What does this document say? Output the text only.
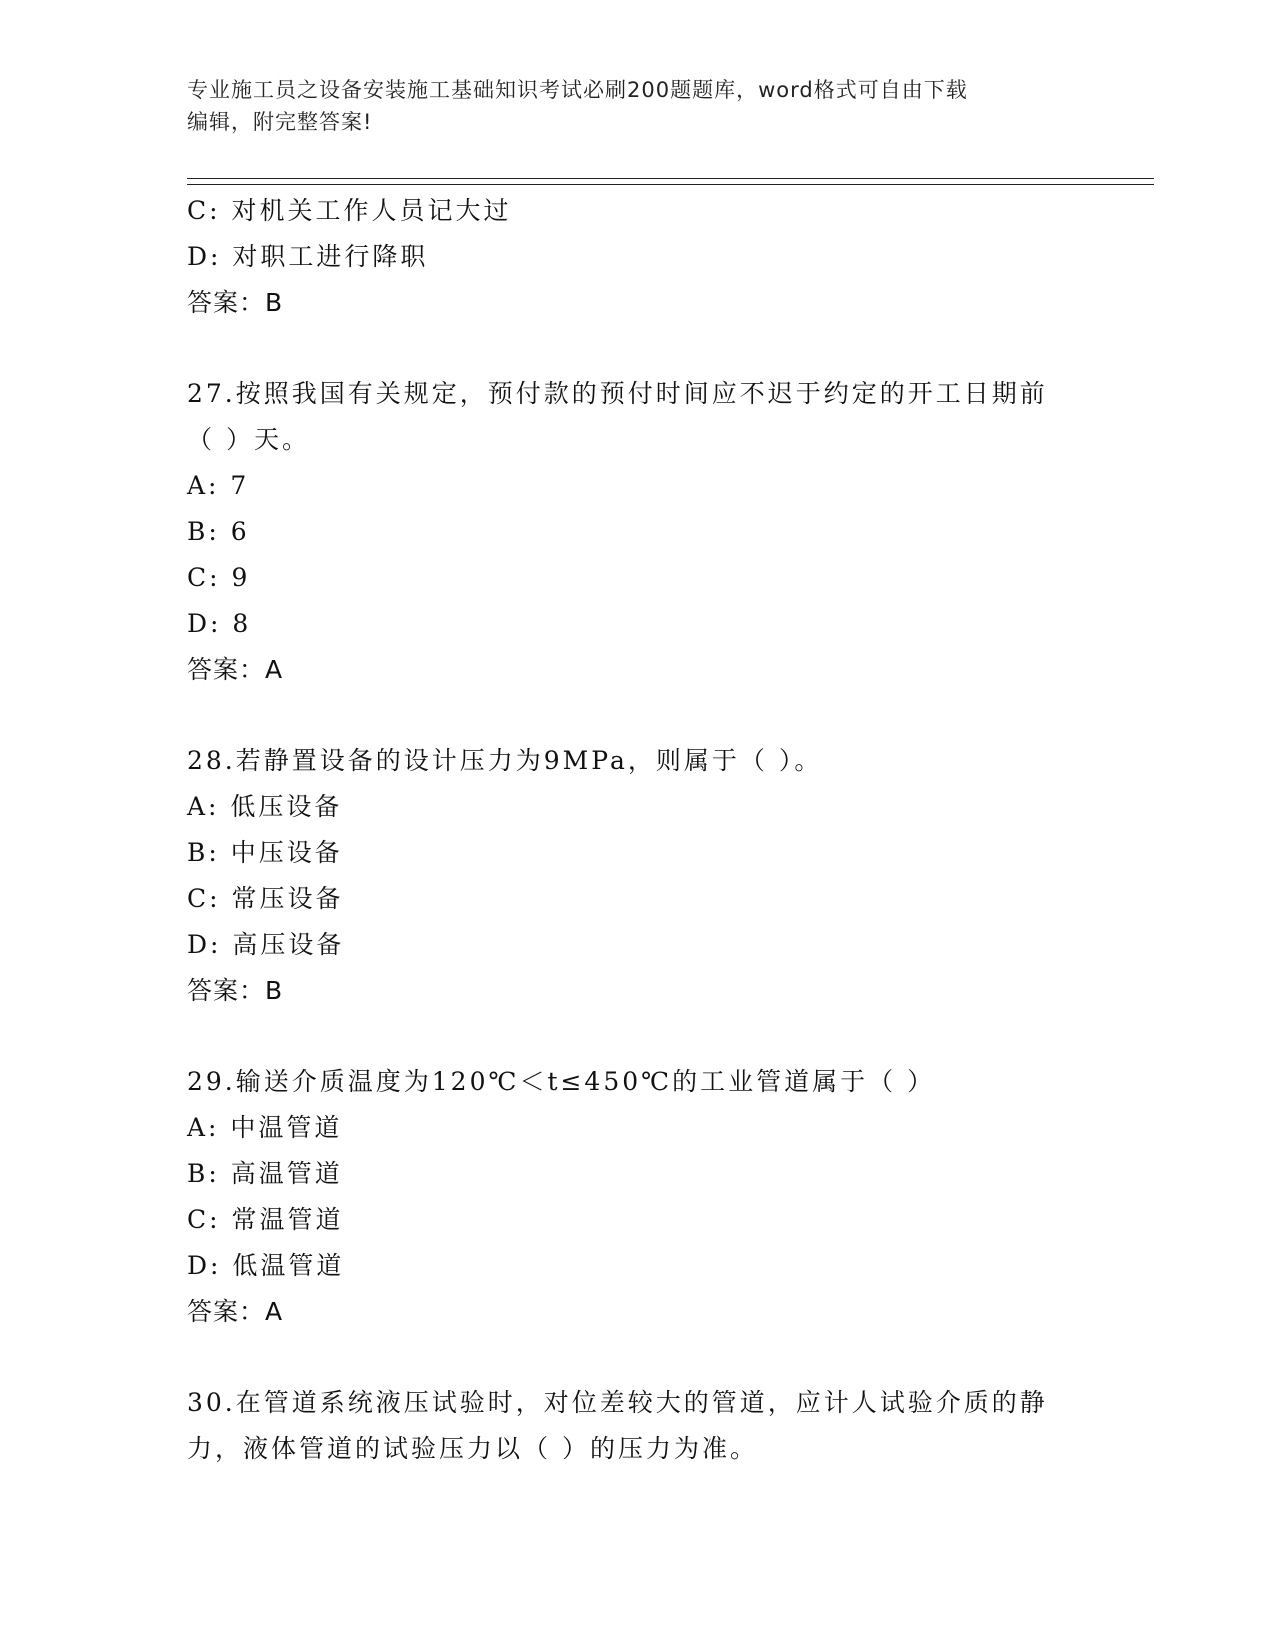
专业施工员之设备安装施工基础知识考试必刷200题题库，word格式可自由下载
编辑，附完整答案!
C: 对机关工作人员记大过
D: 对职工进行降职
答案：B
27.按照我国有关规定，预付款的预付时间应不迟于约定的开工日期前
（ ）天。
A: 7
B: 6
C: 9
D: 8
答案：A
28.若静置设备的设计压力为9MPa，则属于（ ）。
A: 低压设备
B: 中压设备
C: 常压设备
D: 高压设备
答案：B
29.输送介质温度为120℃＜t≤450℃的工业管道属于（ ）
A: 中温管道
B: 高温管道
C: 常温管道
D: 低温管道
答案：A
30.在管道系统液压试验时，对位差较大的管道，应计人试验介质的静
力，液体管道的试验压力以（ ）的压力为准。
